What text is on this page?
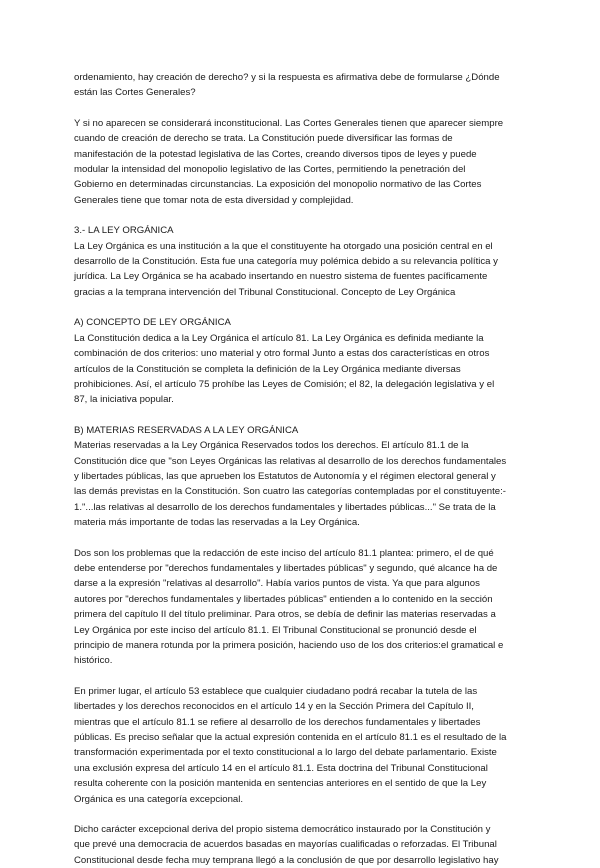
ordenamiento, hay creación de derecho? y si la respuesta es afirmativa debe de formularse ¿Dónde
están las Cortes Generales?
Y si no aparecen se considerará inconstitucional. Las Cortes Generales tienen que aparecer siempre
cuando de creación de derecho se trata. La Constitución puede diversificar las formas de
manifestación de la potestad legislativa de las Cortes, creando diversos tipos de leyes y puede
modular la intensidad del monopolio legislativo de las Cortes, permitiendo la penetración del
Gobierno en determinadas circunstancias. La exposición del monopolio normativo de las Cortes
Generales tiene que tomar nota de esta diversidad y complejidad.
3.- LA LEY ORGÁNICA
La Ley Orgánica es una institución a la que el constituyente ha otorgado una posición central en el
desarrollo de la Constitución. Esta fue una categoría muy polémica debido a su relevancia política y
jurídica. La Ley Orgánica se ha acabado insertando en nuestro sistema de fuentes pacíficamente
gracias a la temprana intervención del Tribunal Constitucional. Concepto de Ley Orgánica
A) CONCEPTO DE LEY ORGÁNICA
La Constitución dedica a la Ley Orgánica el artículo 81. La Ley Orgánica es definida mediante la
combinación de dos criterios: uno material y otro formal Junto a estas dos características en otros
artículos de la Constitución se completa la definición de la Ley Orgánica mediante diversas
prohibiciones. Así, el artículo 75 prohíbe las Leyes de Comisión; el 82, la delegación legislativa y el
87, la iniciativa popular.
B) MATERIAS RESERVADAS A LA LEY ORGÁNICA
Materias reservadas a la Ley Orgánica Reservados todos los derechos. El artículo 81.1 de la
Constitución dice que "son Leyes Orgánicas las relativas al desarrollo de los derechos fundamentales
y libertades públicas, las que aprueben los Estatutos de Autonomía y el régimen electoral general y
las demás previstas en la Constitución. Son cuatro las categorías contempladas por el constituyente:-
1."...las relativas al desarrollo de los derechos fundamentales y libertades públicas..." Se trata de la
materia más importante de todas las reservadas a la Ley Orgánica.
Dos son los problemas que la redacción de este inciso del artículo 81.1 plantea: primero, el de qué
debe entenderse por "derechos fundamentales y libertades públicas" y segundo, qué alcance ha de
darse a la expresión "relativas al desarrollo". Había varios puntos de vista. Ya que para algunos
autores por "derechos fundamentales y libertades públicas" entienden a lo contenido en la sección
primera del capítulo II del título preliminar. Para otros, se debía de definir las materias reservadas a
Ley Orgánica por este inciso del artículo 81.1. El Tribunal Constitucional se pronunció desde el
principio de manera rotunda por la primera posición, haciendo uso de los dos criterios:el gramatical e
histórico.
En primer lugar, el artículo 53 establece que cualquier ciudadano podrá recabar la tutela de las
libertades y los derechos reconocidos en el artículo 14 y en la Sección Primera del Capítulo II,
mientras que el artículo 81.1 se refiere al desarrollo de los derechos fundamentales y libertades
públicas. Es preciso señalar que la actual expresión contenida en el artículo 81.1 es el resultado de la
transformación experimentada por el texto constitucional a lo largo del debate parlamentario. Existe
una exclusión expresa del artículo 14 en el artículo 81.1. Esta doctrina del Tribunal Constitucional
resulta coherente con la posición mantenida en sentencias anteriores en el sentido de que la Ley
Orgánica es una categoría excepcional.
Dicho carácter excepcional deriva del propio sistema democrático instaurado por la Constitución y
que prevé una democracia de acuerdos basadas en mayorías cualificadas o reforzadas. El Tribunal
Constitucional desde fecha muy temprana llegó a la conclusión de que por desarrollo legislativo hay
